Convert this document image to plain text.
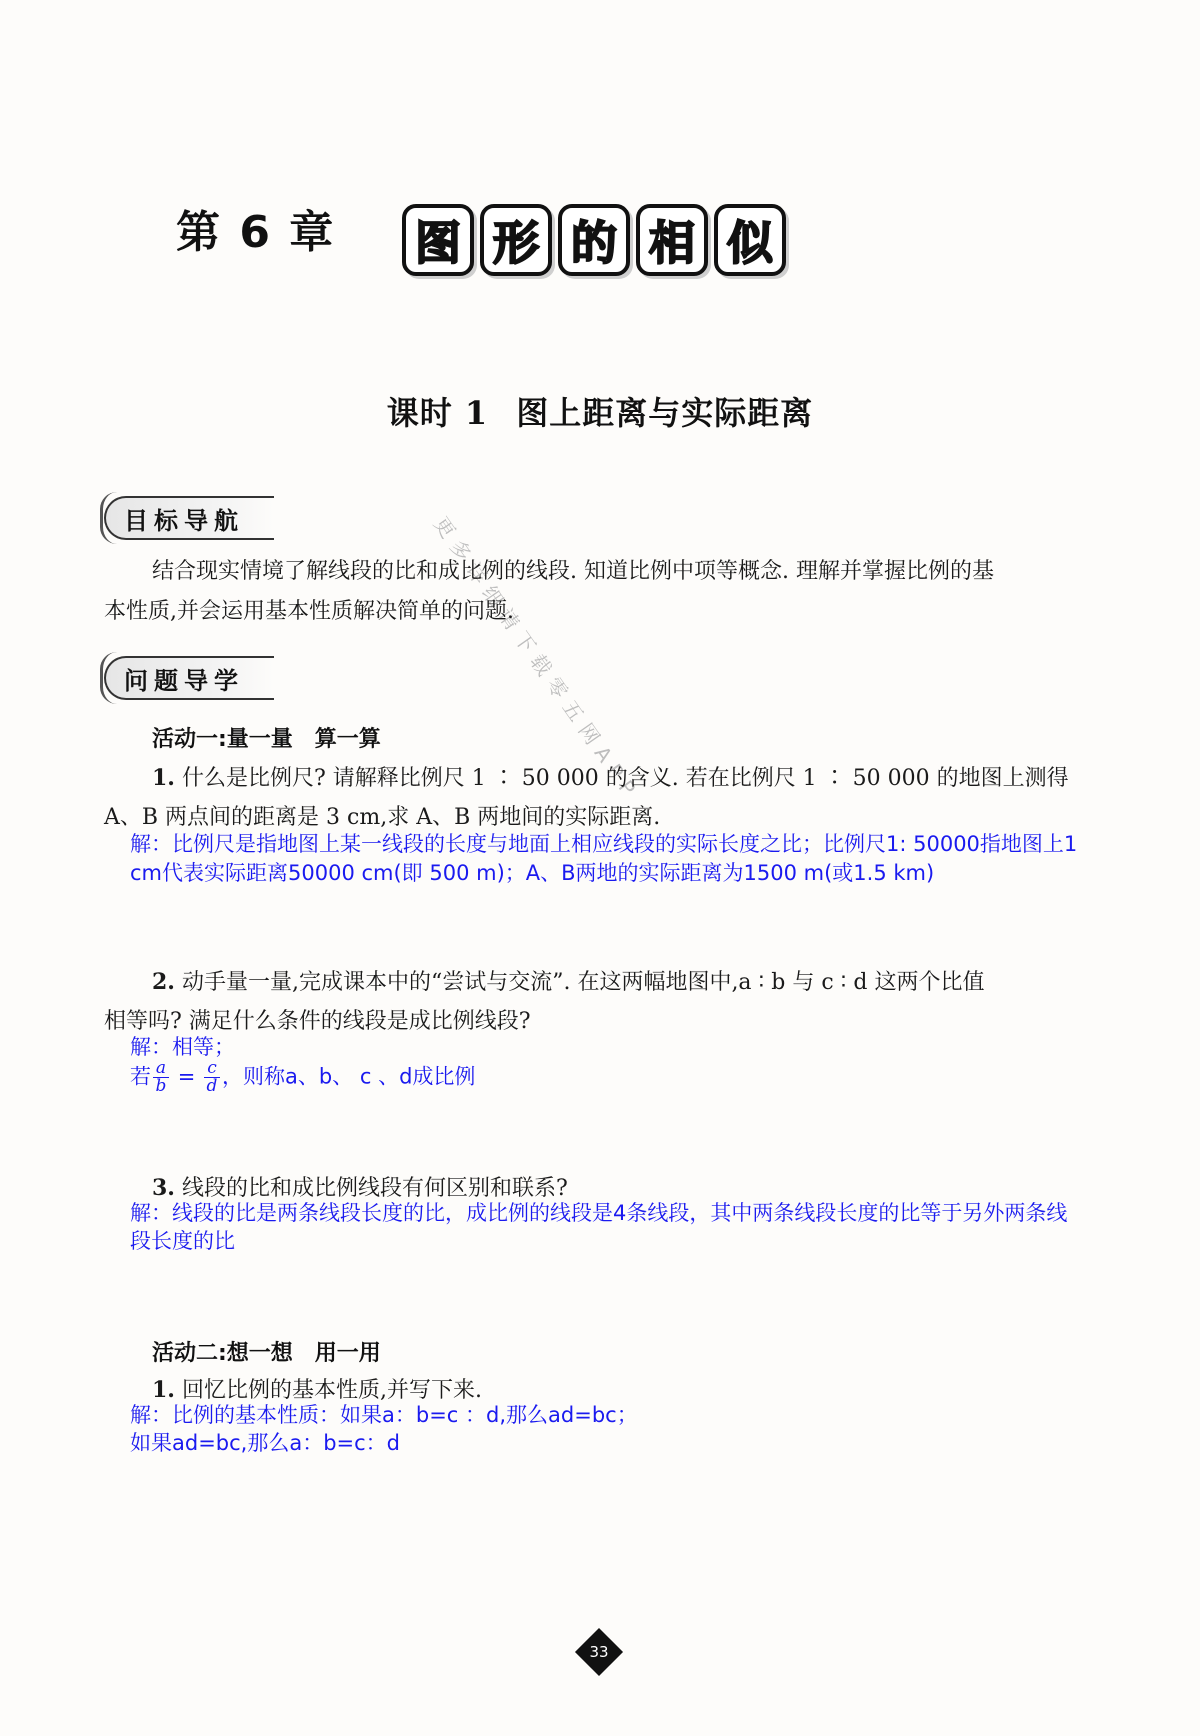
第 6 章 图 形 的 相 似
课时 1 图上距离与实际距离
更多详细请下载零五网APP
目标导航
结合现实情境了解线段的比和成比例的线段. 知道比例中项等概念. 理解并掌握比例的基
本性质,并会运用基本性质解决简单的问题.
问题导学
活动一:量一量　算一算
1. 什么是比例尺? 请解释比例尺 1 ∶ 50 000 的含义. 若在比例尺 1 ∶ 50 000 的地图上测得
A、B 两点间的距离是 3 cm,求 A、B 两地间的实际距离.
解：比例尺是指地图上某一线段的长度与地面上相应线段的实际长度之比；比例尺1: 50000指地图上1
cm代表实际距离50000 cm(即 500 m)；A、B两地的实际距离为1500 m(或1.5 km)
2. 动手量一量,完成课本中的“尝试与交流”. 在这两幅地图中,a ∶ b 与 c ∶ d 这两个比值
相等吗? 满足什么条件的线段是成比例线段?
解：相等；
若 $\frac{a}{b} = \frac{c}{d}$ ，则称a、b、 c 、d成比例
3. 线段的比和成比例线段有何区别和联系?
解：线段的比是两条线段长度的比，成比例的线段是4条线段，其中两条线段长度的比等于另外两条线
段长度的比
活动二:想一想　用一用
1. 回忆比例的基本性质,并写下来.
解：比例的基本性质：如果a：b=c ：d,那么ad=bc；
如果ad=bc,那么a：b=c：d
33
